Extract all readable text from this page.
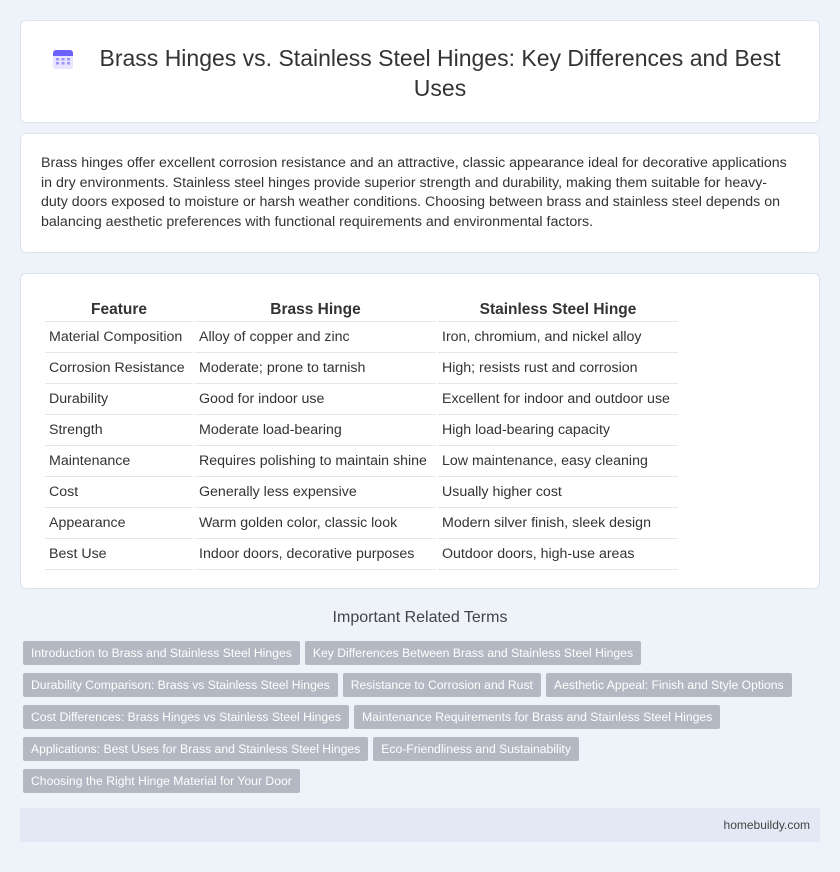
Brass Hinges vs. Stainless Steel Hinges: Key Differences and Best Uses

Brass hinges offer excellent corrosion resistance and an attractive, classic appearance ideal for decorative applications in dry environments. Stainless steel hinges provide superior strength and durability, making them suitable for heavy-duty doors exposed to moisture or harsh weather conditions. Choosing between brass and stainless steel depends on balancing aesthetic preferences with functional requirements and environmental factors.

Feature	Brass Hinge	Stainless Steel Hinge
Material Composition	Alloy of copper and zinc	Iron, chromium, and nickel alloy
Corrosion Resistance	Moderate; prone to tarnish	High; resists rust and corrosion
Durability	Good for indoor use	Excellent for indoor and outdoor use
Strength	Moderate load-bearing	High load-bearing capacity
Maintenance	Requires polishing to maintain shine	Low maintenance, easy cleaning
Cost	Generally less expensive	Usually higher cost
Appearance	Warm golden color, classic look	Modern silver finish, sleek design
Best Use	Indoor doors, decorative purposes	Outdoor doors, high-use areas
Important Related Terms
Introduction to Brass and Stainless Steel Hinges Key Differences Between Brass and Stainless Steel Hinges
Durability Comparison: Brass vs Stainless Steel Hinges Resistance to Corrosion and Rust Aesthetic Appeal: Finish and Style Options
Cost Differences: Brass Hinges vs Stainless Steel Hinges Maintenance Requirements for Brass and Stainless Steel Hinges
Applications: Best Uses for Brass and Stainless Steel Hinges Eco-Friendliness and Sustainability
Choosing the Right Hinge Material for Your Door
homebuildy.com
